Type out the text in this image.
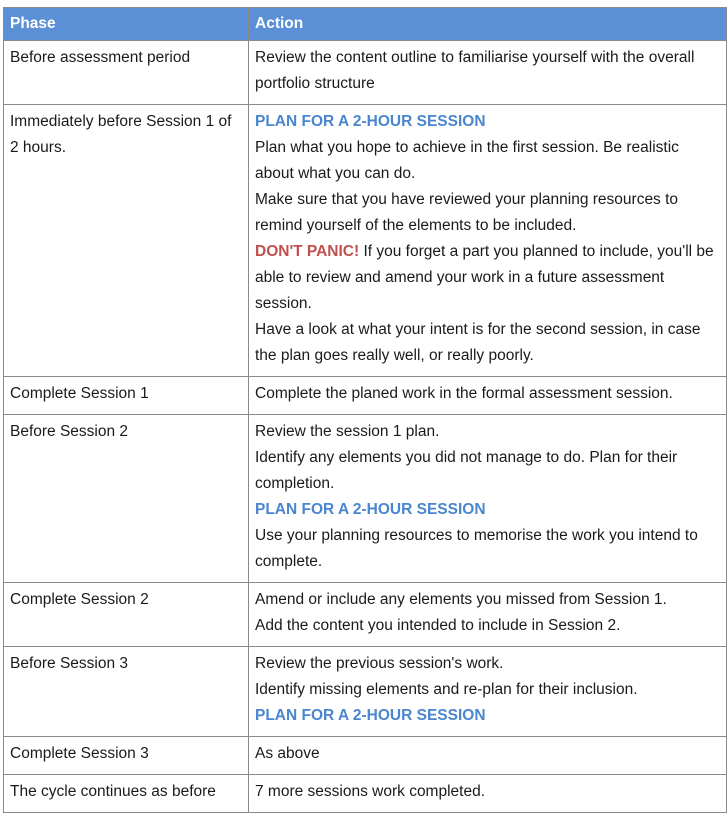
Phase	Action
Before assessment period	Review the content outline to familiarise yourself with the overall portfolio structure

Immediately before Session 1 of 2 hours.	PLAN FOR A 2-HOUR SESSION
Plan what you hope to achieve in the first session. Be realistic about what you can do.
Make sure that you have reviewed your planning resources to remind yourself of the elements to be included.
DON'T PANIC! If you forget a part you planned to include, you'll be able to review and amend your work in a future assessment session.
Have a look at what your intent is for the second session, in case the plan goes really well, or really poorly.

Complete Session 1	Complete the planed work in the formal assessment session.

Before Session 2	Review the session 1 plan.
Identify any elements you did not manage to do. Plan for their completion.
PLAN FOR A 2-HOUR SESSION
Use your planning resources to memorise the work you intend to complete.

Complete Session 2	Amend or include any elements you missed from Session 1.
Add the content you intended to include in Session 2.

Before Session 3	Review the previous session's work.
Identify missing elements and re-plan for their inclusion.
PLAN FOR A 2-HOUR SESSION

Complete Session 3	As above

The cycle continues as before	7 more sessions work completed.
